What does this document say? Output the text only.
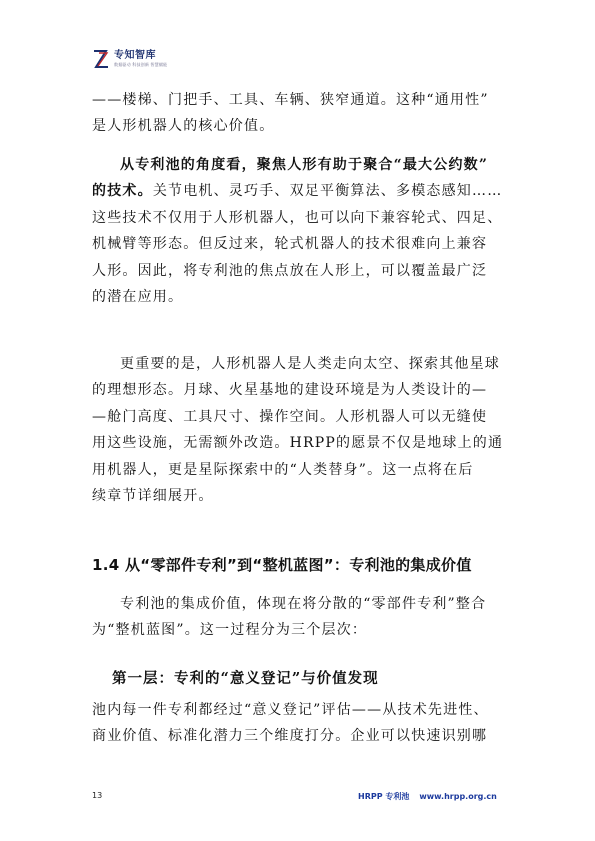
专知智库
数据驱动 科技创新 智慧赋能
——楼梯、门把手、工具、车辆、狭窄通道。这种“通用性”
是人形机器人的核心价值。
从专利池的角度看，聚焦人形有助于聚合“最大公约数”
的技术。关节电机、灵巧手、双足平衡算法、多模态感知……
这些技术不仅用于人形机器人，也可以向下兼容轮式、四足、
机械臂等形态。但反过来，轮式机器人的技术很难向上兼容
人形。因此，将专利池的焦点放在人形上，可以覆盖最广泛
的潜在应用。
更重要的是，人形机器人是人类走向太空、探索其他星球
的理想形态。月球、火星基地的建设环境是为人类设计的—
—舱门高度、工具尺寸、操作空间。人形机器人可以无缝使
用这些设施，无需额外改造。HRPP的愿景不仅是地球上的通
用机器人，更是星际探索中的“人类替身”。这一点将在后
续章节详细展开。
1.4 从“零部件专利”到“整机蓝图”：专利池的集成价值
专利池的集成价值，体现在将分散的“零部件专利”整合
为“整机蓝图”。这一过程分为三个层次：
第一层：专利的“意义登记”与价值发现
池内每一件专利都经过“意义登记”评估——从技术先进性、
商业价值、标准化潜力三个维度打分。企业可以快速识别哪
13	HRPP 专利池 www.hrpp.org.cn
